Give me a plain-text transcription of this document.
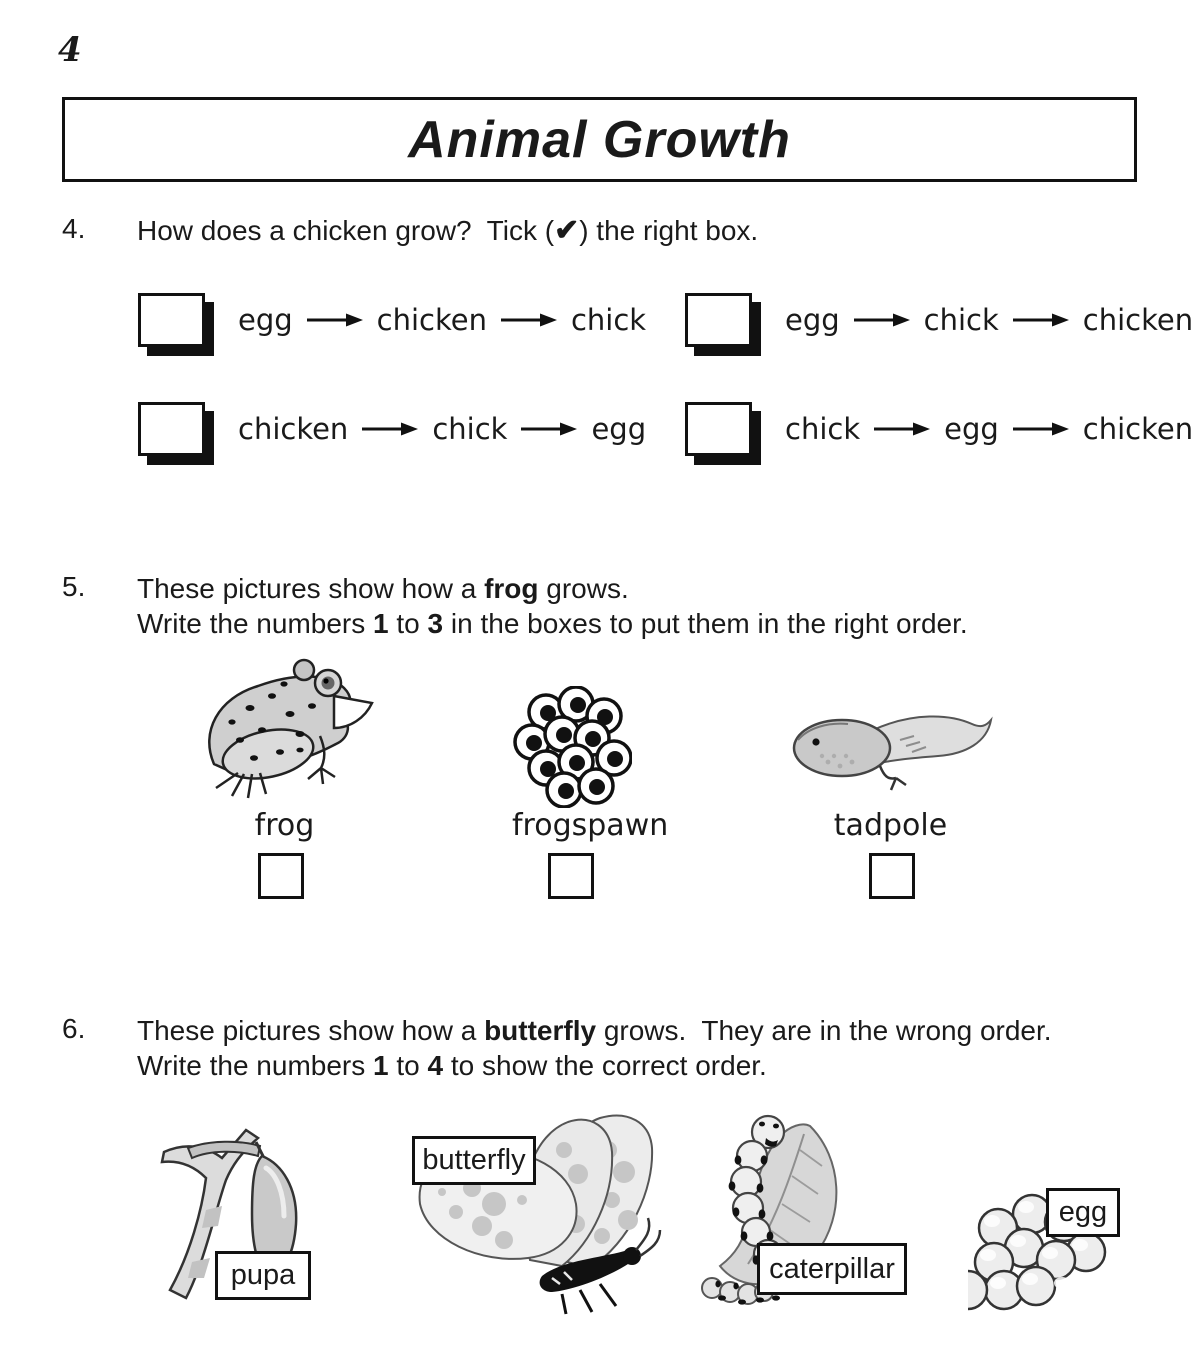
4
Animal Growth
4. How does a chicken grow?  Tick (✔) the right box.
egg	chicken	chick	egg	chick	chicken
chicken	chick	egg	chick	egg	chicken
5. These pictures show how a frog grows.
Write the numbers 1 to 3 in the boxes to put them in the right order.
frog	frogspawn	tadpole
6. These pictures show how a butterfly grows.  They are in the wrong order.
Write the numbers 1 to 4 to show the correct order.
pupa
butterfly
caterpillar
egg
